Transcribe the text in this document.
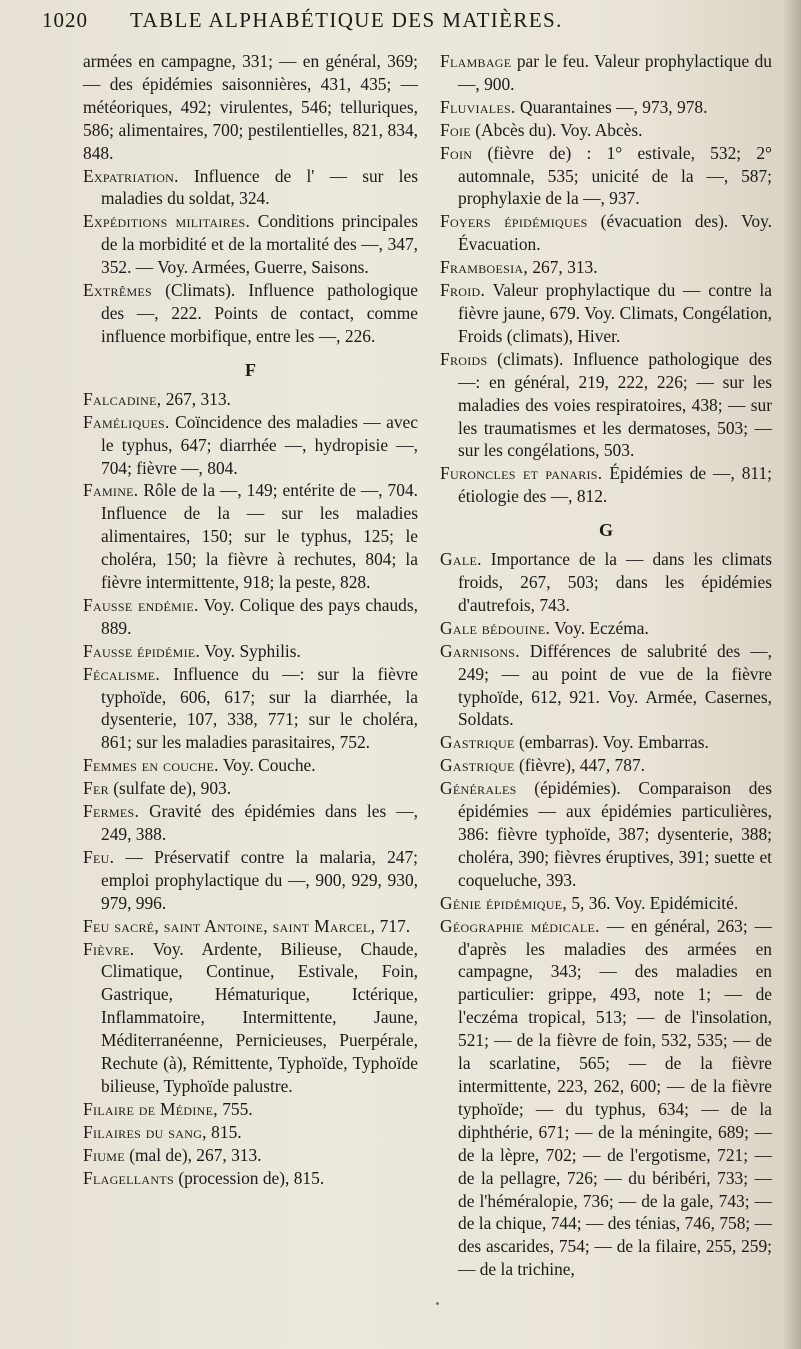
1020 TABLE ALPHABÉTIQUE DES MATIÈRES.

armées en campagne, 331; — en général, 369; — des épidémies saisonnières, 431, 435; — météoriques, 492; virulentes, 546; telluriques, 586; alimentaires, 700; pestilentielles, 821, 834, 848.

Expatriation. Influence de l' — sur les maladies du soldat, 324.

Expéditions militaires. Conditions principales de la morbidité et de la mortalité des —, 347, 352. — Voy. Armées, Guerre, Saisons.

Extrêmes (Climats). Influence pathologique des —, 222. Points de contact, comme influence morbifique, entre les —, 226.

F

Falcadine, 267, 313.

Faméliques. Coïncidence des maladies — avec le typhus, 647; diarrhée —, hydropisie —, 704; fièvre —, 804.

Famine. Rôle de la —, 149; entérite de —, 704. Influence de la — sur les maladies alimentaires, 150; sur le typhus, 125; le choléra, 150; la fièvre à rechutes, 804; la fièvre intermittente, 918; la peste, 828.

Fausse endémie. Voy. Colique des pays chauds, 889.

Fausse épidémie. Voy. Syphilis.

Fécalisme. Influence du —: sur la fièvre typhoïde, 606, 617; sur la diarrhée, la dysenterie, 107, 338, 771; sur le choléra, 861; sur les maladies parasitaires, 752.

Femmes en couche. Voy. Couche.

Fer (sulfate de), 903.

Fermes. Gravité des épidémies dans les —, 249, 388.

Feu. — Préservatif contre la malaria, 247; emploi prophylactique du —, 900, 929, 930, 979, 996.

Feu sacré, saint Antoine, saint Marcel, 717.

Fièvre. Voy. Ardente, Bilieuse, Chaude, Climatique, Continue, Estivale, Foin, Gastrique, Hématurique, Ictérique, Inflammatoire, Intermittente, Jaune, Méditerranéenne, Pernicieuses, Puerpérale, Rechute (à), Rémittente, Typhoïde, Typhoïde bilieuse, Typhoïde palustre.

Filaire de Médine, 755.

Filaires du sang, 815.

Fiume (mal de), 267, 313.

Flagellants (procession de), 815.

Flambage par le feu. Valeur prophylactique du —, 900.

Fluviales. Quarantaines —, 973, 978.

Foie (Abcès du). Voy. Abcès.

Foin (fièvre de) : 1° estivale, 532; 2° automnale, 535; unicité de la —, 587; prophylaxie de la —, 937.

Foyers épidémiques (évacuation des). Voy. Évacuation.

Framboesia, 267, 313.

Froid. Valeur prophylactique du — contre la fièvre jaune, 679. Voy. Climats, Congélation, Froids (climats), Hiver.

Froids (climats). Influence pathologique des —: en général, 219, 222, 226; — sur les maladies des voies respiratoires, 438; — sur les traumatismes et les dermatoses, 503; — sur les congélations, 503.

Furoncles et panaris. Épidémies de —, 811; étiologie des —, 812.

G

Gale. Importance de la — dans les climats froids, 267, 503; dans les épidémies d'autrefois, 743.

Gale bédouine. Voy. Eczéma.

Garnisons. Différences de salubrité des —, 249; — au point de vue de la fièvre typhoïde, 612, 921. Voy. Armée, Casernes, Soldats.

Gastrique (embarras). Voy. Embarras.

Gastrique (fièvre), 447, 787.

Générales (épidémies). Comparaison des épidémies — aux épidémies particulières, 386: fièvre typhoïde, 387; dysenterie, 388; choléra, 390; fièvres éruptives, 391; suette et coqueluche, 393.

Génie épidémique, 5, 36. Voy. Epidémicité.

Géographie médicale. — en général, 263; — d'après les maladies des armées en campagne, 343; — des maladies en particulier: grippe, 493, note 1; — de l'eczéma tropical, 513; — de l'insolation, 521; — de la fièvre de foin, 532, 535; — de la scarlatine, 565; — de la fièvre intermittente, 223, 262, 600; — de la fièvre typhoïde; — du typhus, 634; — de la diphthérie, 671; — de la méningite, 689; — de la lèpre, 702; — de l'ergotisme, 721; — de la pellagre, 726; — du béribéri, 733; — de l'héméralopie, 736; — de la gale, 743; — de la chique, 744; — des ténias, 746, 758; — des ascarides, 754; — de la filaire, 255, 259; — de la trichine,
